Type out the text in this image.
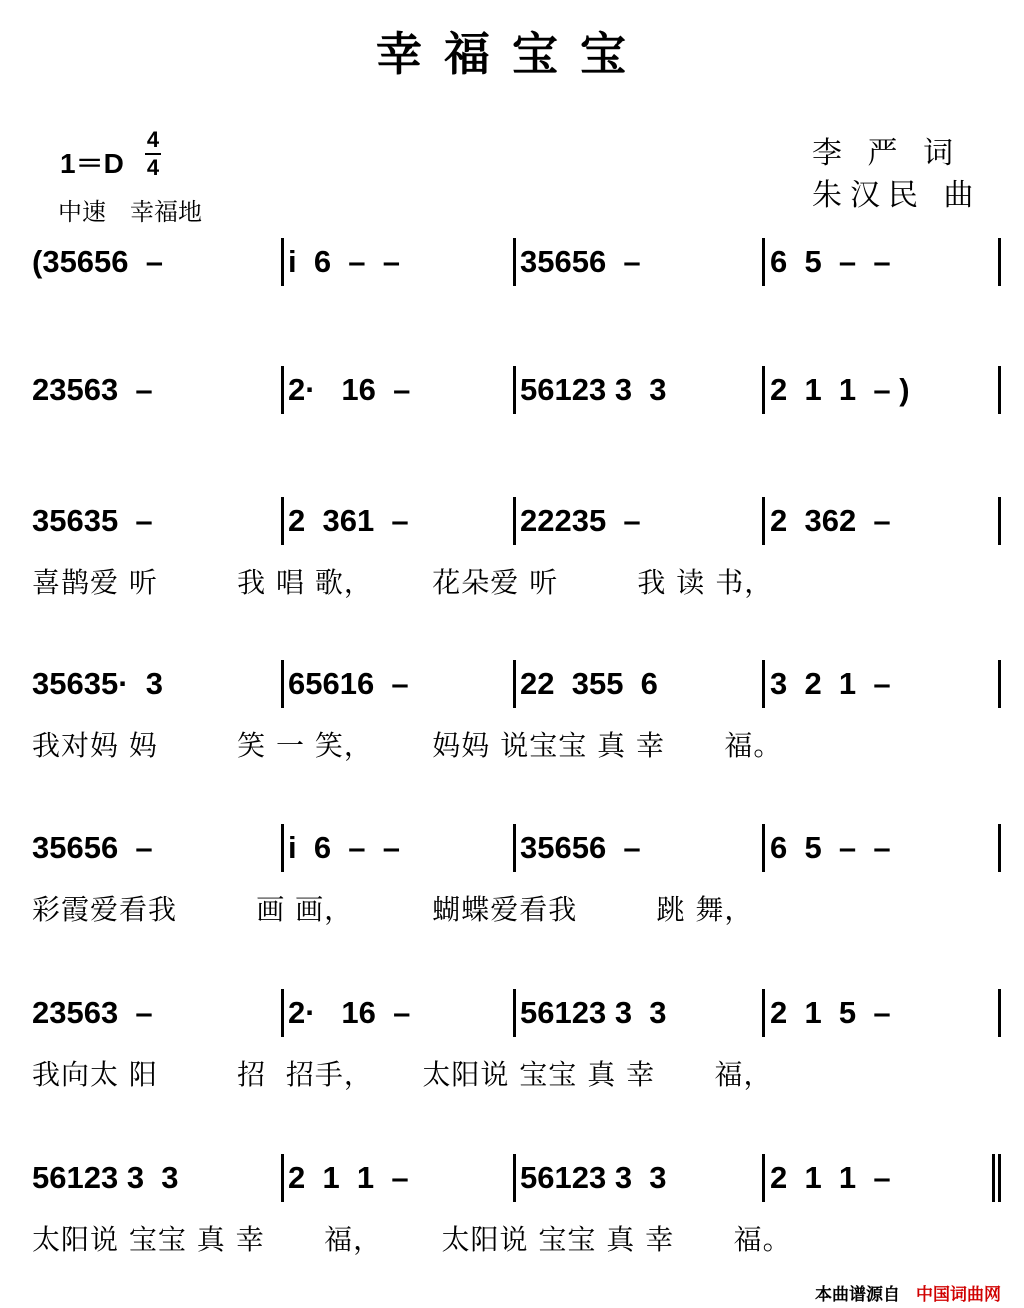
幸福宝宝
1＝D
4
4
中速　幸福地
李 严 词
朱汉民 曲
(35656  –	i  6  –  –	35656  –	6  5  –  –
23563  –	2·   16  –	56123 3  3	2  1  1  – )
35635  –	2  361  –	22235  –	2  362  –
喜鹊爱 听        我 唱 歌，      花朵爱 听        我 读 书，
35635·  3	65616  –	22  355  6	3  2  1  –
我对妈 妈        笑 一 笑，      妈妈 说宝宝 真 幸      福。
35656  –	i  6  –  –	35656  –	6  5  –  –
彩霞爱看我        画 画，        蝴蝶爱看我        跳 舞，
23563  –	2·   16  –	56123 3  3	2  1  5  –
我向太 阳        招  招手，     太阳说 宝宝 真 幸      福，
56123 3  3	2  1  1  –	56123 3  3	2  1  1  –
太阳说 宝宝 真 幸      福，      太阳说 宝宝 真 幸      福。
本曲谱源自 中国词曲网
